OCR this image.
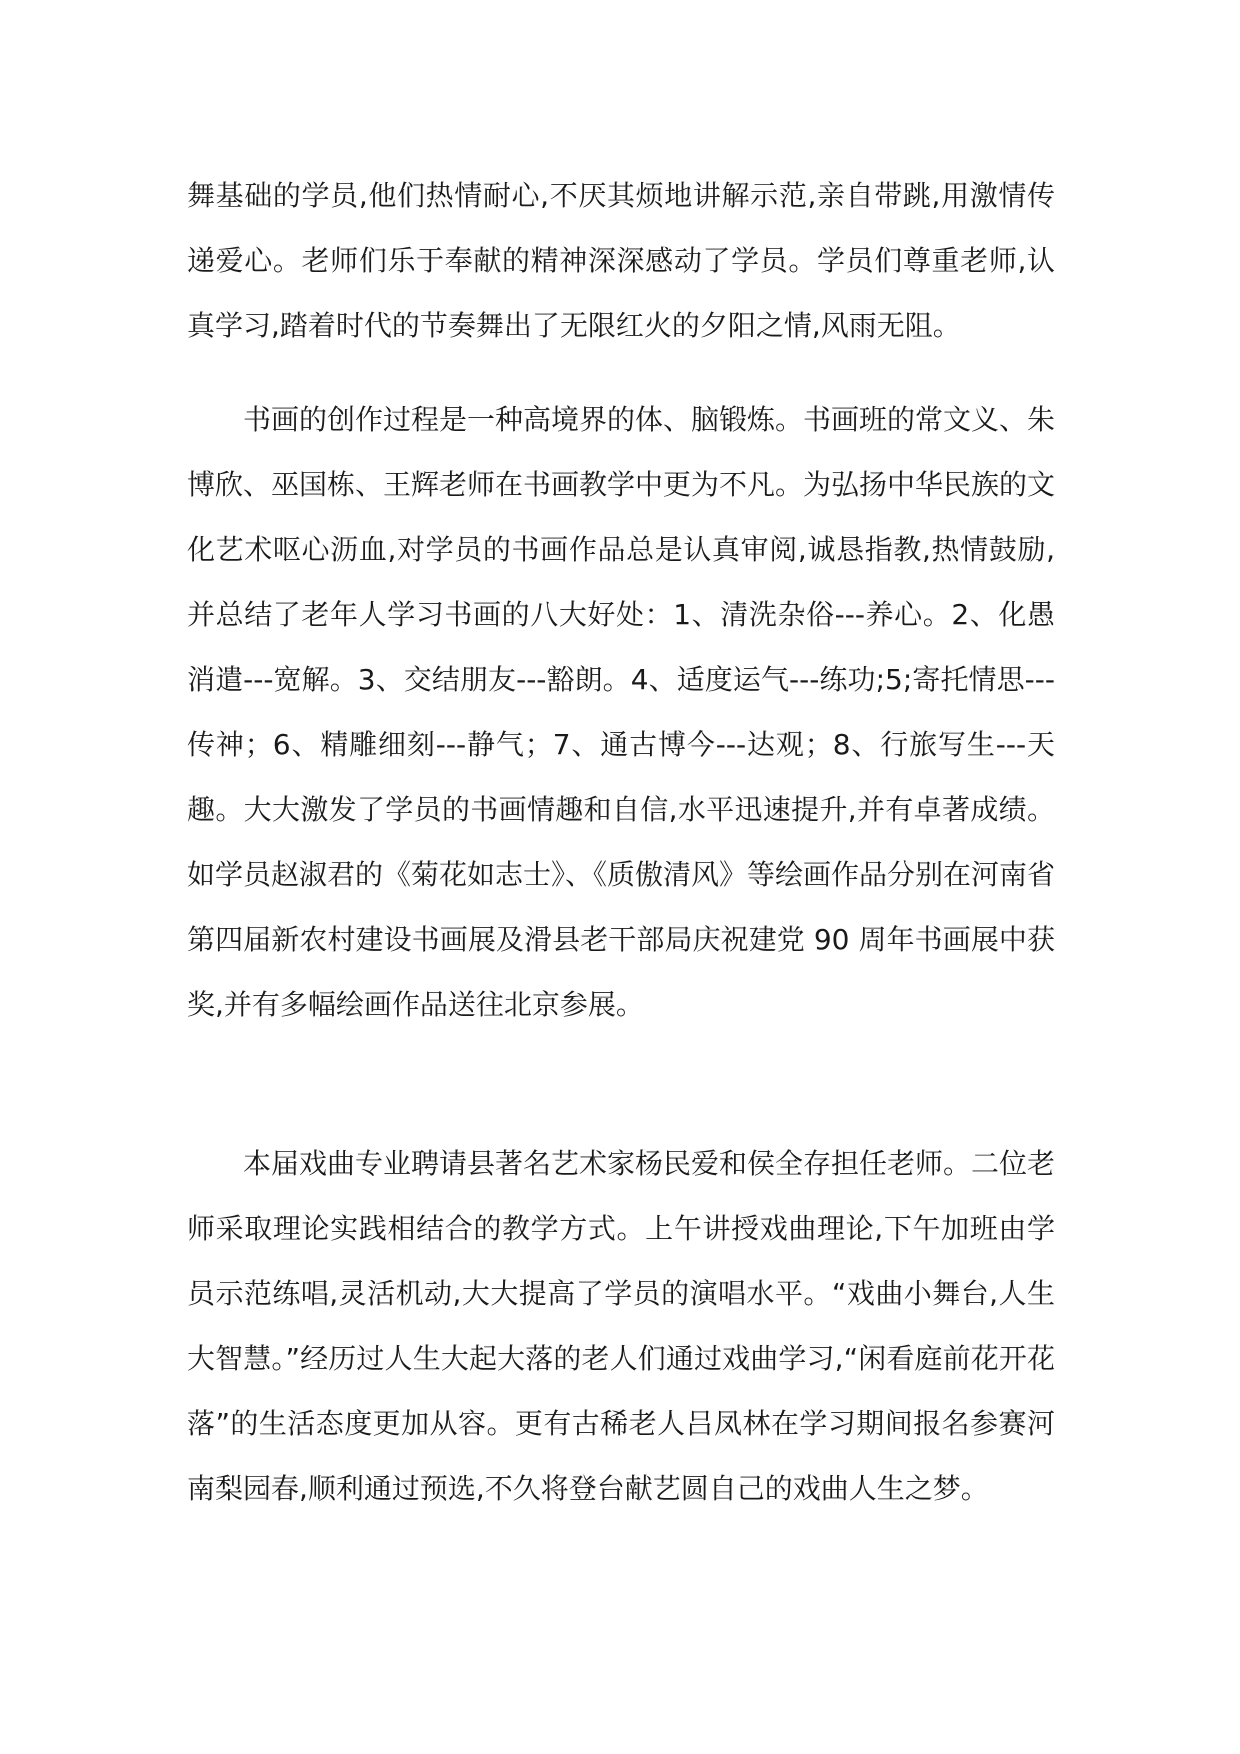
舞基础的学员,他们热情耐心,不厌其烦地讲解示范,亲自带跳,用激情传递爱心。老师们乐于奉献的精神深深感动了学员。学员们尊重老师,认真学习,踏着时代的节奏舞出了无限红火的夕阳之情,风雨无阻。

书画的创作过程是一种高境界的体、脑锻炼。书画班的常文义、朱博欣、巫国栋、王辉老师在书画教学中更为不凡。为弘扬中华民族的文化艺术呕心沥血,对学员的书画作品总是认真审阅,诚恳指教,热情鼓励,并总结了老年人学习书画的八大好处：1、清洗杂俗---养心。2、化愚消遣---宽解。3、交结朋友---豁朗。4、适度运气---练功;5;寄托情思---传神；6、精雕细刻---静气；7、通古博今---达观；8、行旅写生---天趣。大大激发了学员的书画情趣和自信,水平迅速提升,并有卓著成绩。如学员赵淑君的《菊花如志士》、《质傲清风》等绘画作品分别在河南省第四届新农村建设书画展及滑县老干部局庆祝建党 90 周年书画展中获奖,并有多幅绘画作品送往北京参展。

本届戏曲专业聘请县著名艺术家杨民爱和侯全存担任老师。二位老师采取理论实践相结合的教学方式。上午讲授戏曲理论,下午加班由学员示范练唱,灵活机动,大大提高了学员的演唱水平。“戏曲小舞台,人生大智慧。”经历过人生大起大落的老人们通过戏曲学习,“闲看庭前花开花落”的生活态度更加从容。更有古稀老人吕凤林在学习期间报名参赛河南梨园春,顺利通过预选,不久将登台献艺圆自己的戏曲人生之梦。
